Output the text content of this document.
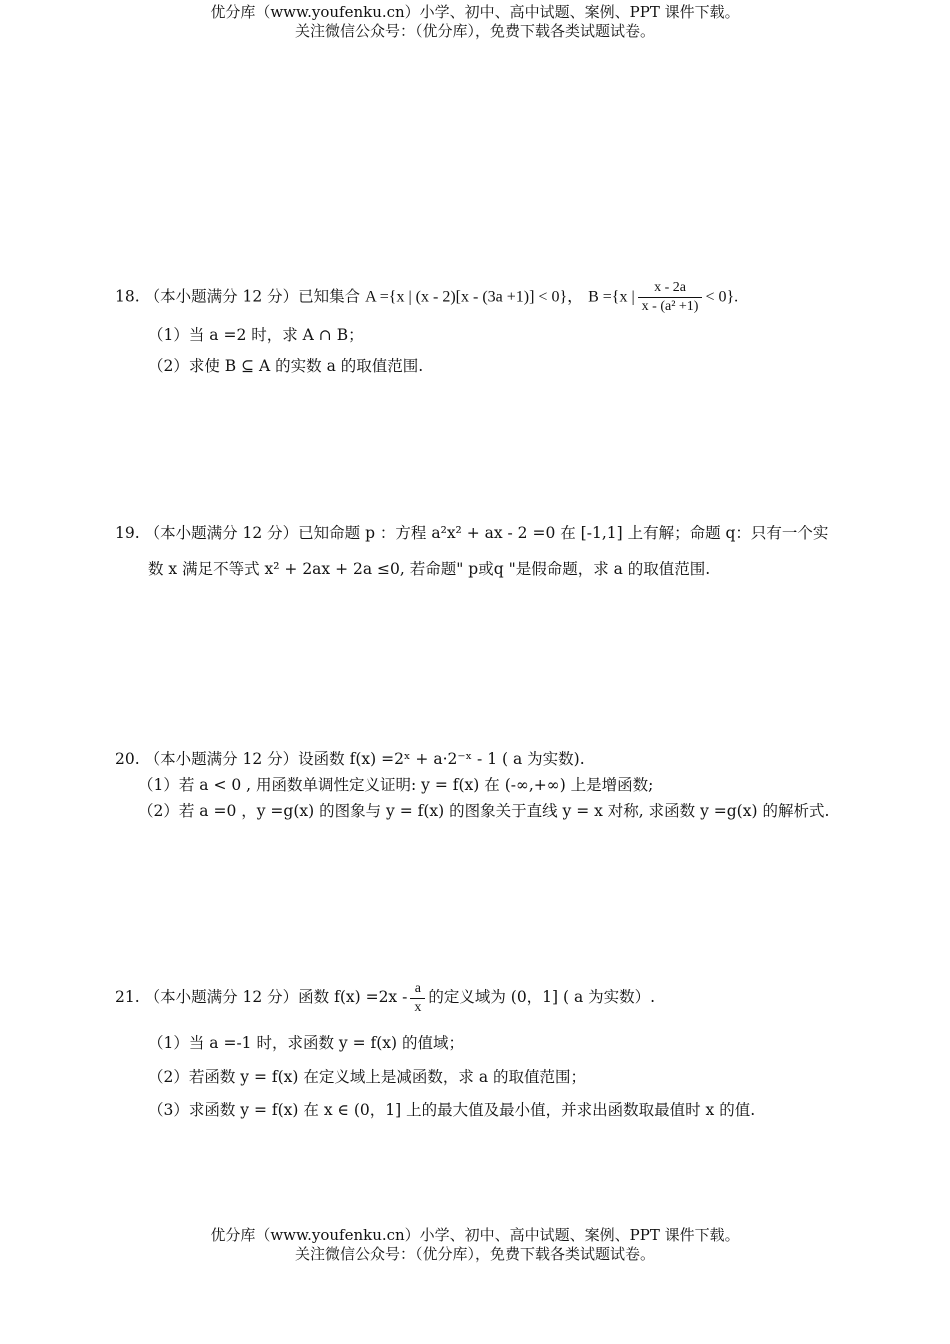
优分库（www.youfenku.cn）小学、初中、高中试题、案例、PPT 课件下载。
关注微信公众号：（优分库），免费下载各类试题试卷。
18. （本小题满分 12 分）已知集合 A ={x | (x - 2)[x - (3a +1)] < 0}， B ={x | $\frac{x - 2a}{\text{x - (a² +1)}} < 0$}.
（1）当 a =2 时，求 A ∩ B；
（2）求使 B ⊆ A 的实数 a 的取值范围.
19. （本小题满分 12 分）已知命题 p ：方程 a²x² + ax - 2 =0 在 [-1,1] 上有解；命题 q：只有一个实
数 x 满足不等式 x² + 2ax + 2a ≤0, 若命题" p或q "是假命题，求 a 的取值范围.
20. （本小题满分 12 分）设函数 f(x) =2ˣ + a·2⁻ˣ - 1 ( a 为实数).
（1）若 a < 0 , 用函数单调性定义证明: y = f(x) 在 (-∞,+∞) 上是增函数;
（2）若 a =0 ，y =g(x) 的图象与 y = f(x) 的图象关于直线 y = x 对称, 求函数 y =g(x) 的解析式.
21. （本小题满分 12 分）函数 $f(x) =2x - \frac{a}{x}$ 的定义域为 (0，1] ( a 为实数）.
（1）当 a =-1 时，求函数 y = f(x) 的值域；
（2）若函数 y = f(x) 在定义域上是减函数，求 a 的取值范围；
（3）求函数 y = f(x) 在 x ∈ (0，1] 上的最大值及最小值，并求出函数取最值时 x 的值.
优分库（www.youfenku.cn）小学、初中、高中试题、案例、PPT 课件下载。
关注微信公众号：（优分库），免费下载各类试题试卷。
